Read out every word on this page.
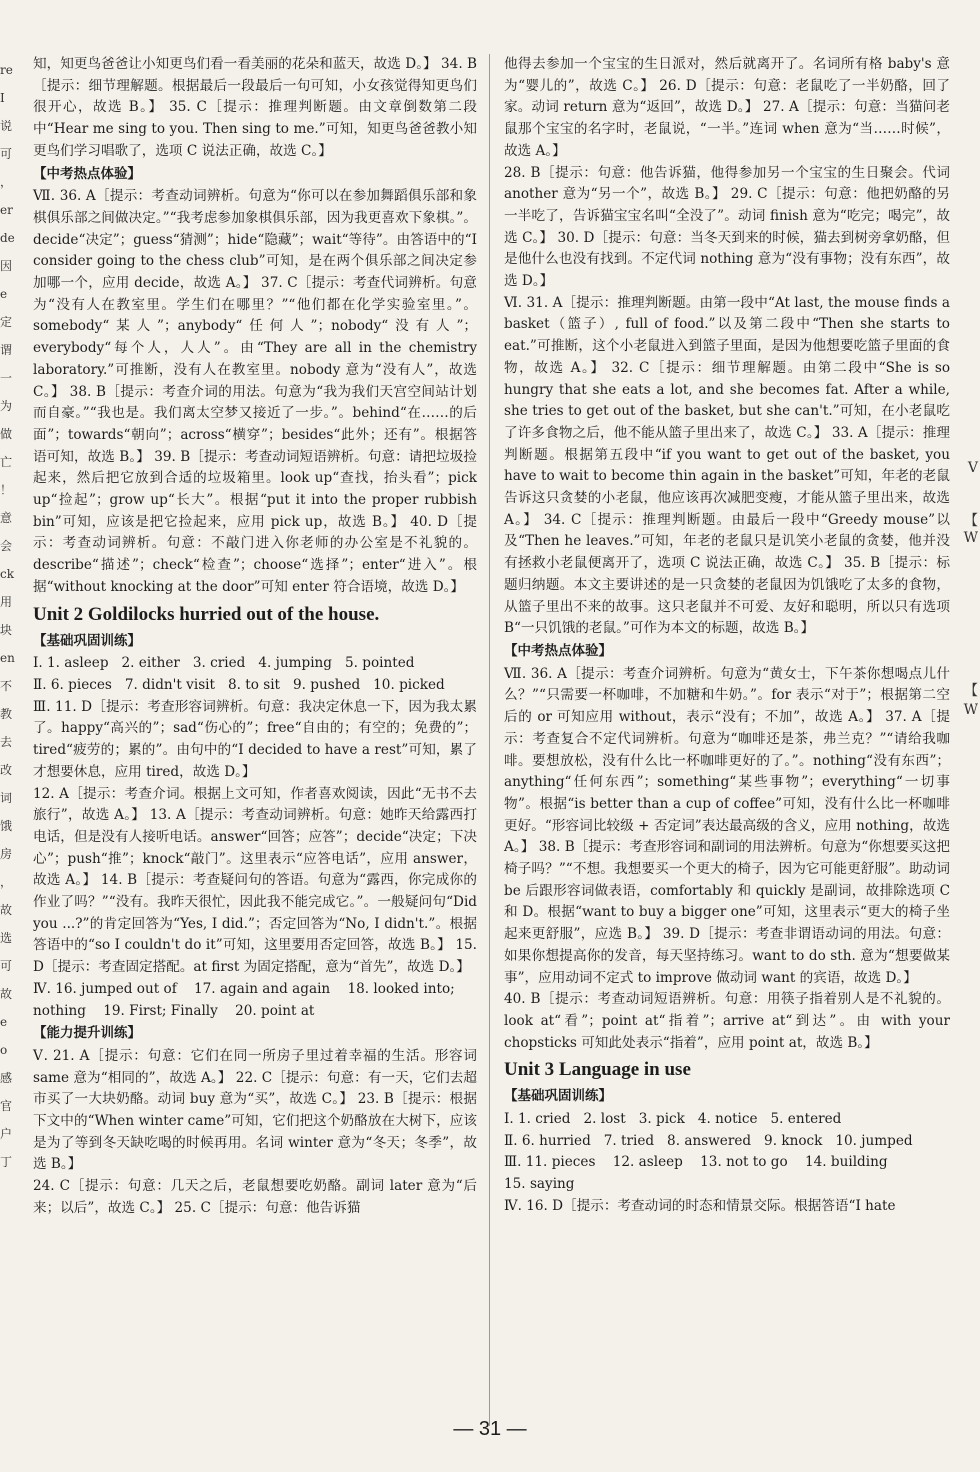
re
I
说
可
，
er
de
因
e
定
谓
一
为
做
亡
！
意
会
ck
用
块
en
不
教
去
改
词
饿
房
，
故
选
可
故
e
o
感
官
户
丁
V
【
W
【
W

知，知更鸟爸爸让小知更鸟们看一看美丽的花朵和蓝天，故选 D。】 34. B［提示：细节理解题。根据最后一段最后一句可知，小女孩觉得知更鸟们很开心，故选 B。】 35. C［提示：推理判断题。由文章倒数第二段中“Hear me sing to you. Then sing to me.”可知，知更鸟爸爸教小知更鸟们学习唱歌了，选项 C 说法正确，故选 C。】

【中考热点体验】

Ⅶ. 36. A［提示：考查动词辨析。句意为“你可以在参加舞蹈俱乐部和象棋俱乐部之间做决定。”“我考虑参加象棋俱乐部，因为我更喜欢下象棋。”。decide“决定”；guess“猜测”；hide“隐藏”；wait“等待”。由答语中的“I consider going to the chess club”可知，是在两个俱乐部之间决定参加哪一个，应用 decide，故选 A。】 37. C［提示：考查代词辨析。句意为“没有人在教室里。学生们在哪里？”“他们都在化学实验室里。”。somebody“某人”；anybody“任何人”；nobody“没有人”；everybody“每个人，人人”。由“They are all in the chemistry laboratory.”可推断，没有人在教室里。nobody 意为“没有人”，故选 C。】 38. B［提示：考查介词的用法。句意为“我为我们天宫空间站计划而自豪。”“我也是。我们离太空梦又接近了一步。”。behind“在……的后面”；towards“朝向”；across“横穿”；besides“此外；还有”。根据答语可知，故选 B。】 39. B［提示：考查动词短语辨析。句意：请把垃圾捡起来，然后把它放到合适的垃圾箱里。look up“查找，抬头看”；pick up“捡起”；grow up“长大”。根据“put it into the proper rubbish bin”可知，应该是把它捡起来，应用 pick up，故选 B。】 40. D［提示：考查动词辨析。句意：不敲门进入你老师的办公室是不礼貌的。describe“描述”；check“检查”；choose“选择”；enter“进入”。根据“without knocking at the door”可知 enter 符合语境，故选 D。】

Unit 2 Goldilocks hurried out of the house.
【基础巩固训练】
Ⅰ. 1. asleep   2. either   3. cried   4. jumping   5. pointed
Ⅱ. 6. pieces   7. didn't visit   8. to sit   9. pushed   10. picked

Ⅲ. 11. D［提示：考查形容词辨析。句意：我决定休息一下，因为我太累了。happy“高兴的”；sad“伤心的”；free“自由的；有空的；免费的”；tired“疲劳的；累的”。由句中的“I decided to have a rest”可知，累了才想要休息，应用 tired，故选 D。】

12. A［提示：考查介词。根据上文可知，作者喜欢阅读，因此“无书不去旅行”，故选 A。】 13. A［提示：考查动词辨析。句意：她昨天给露西打电话，但是没有人接听电话。answer“回答；应答”；decide“决定；下决心”；push“推”；knock“敲门”。这里表示“应答电话”，应用 answer，故选 A。】 14. B［提示：考查疑问句的答语。句意为“露西，你完成你的作业了吗？”“没有。我昨天很忙，因此我不能完成它。”。一般疑问句“Did you ...?”的肯定回答为“Yes, I did.”；否定回答为“No, I didn't.”。根据答语中的“so I couldn't do it”可知，这里要用否定回答，故选 B。】 15. D［提示：考查固定搭配。at first 为固定搭配，意为“首先”，故选 D。】

Ⅳ. 16. jumped out of    17. again and again    18. looked into;
nothing    19. First; Finally    20. point at
【能力提升训练】

Ⅴ. 21. A［提示：句意：它们在同一所房子里过着幸福的生活。形容词 same 意为“相同的”，故选 A。】 22. C［提示：句意：有一天，它们去超市买了一大块奶酪。动词 buy 意为“买”，故选 C。】 23. B［提示：根据下文中的“When winter came”可知，它们把这个奶酪放在大树下，应该是为了等到冬天缺吃喝的时候再用。名词 winter 意为“冬天；冬季”，故选 B。】

24. C［提示：句意：几天之后，老鼠想要吃奶酪。副词 later 意为“后来；以后”，故选 C。】 25. C［提示：句意：他告诉猫

他得去参加一个宝宝的生日派对，然后就离开了。名词所有格 baby's 意为“婴儿的”，故选 C。】 26. D［提示：句意：老鼠吃了一半奶酪，回了家。动词 return 意为“返回”，故选 D。】 27. A［提示：句意：当猫问老鼠那个宝宝的名字时，老鼠说，“一半。”连词 when 意为“当……时候”，故选 A。】

28. B［提示：句意：他告诉猫，他得参加另一个宝宝的生日聚会。代词 another 意为“另一个”，故选 B。】 29. C［提示：句意：他把奶酪的另一半吃了，告诉猫宝宝名叫“全没了”。动词 finish 意为“吃完；喝完”，故选 C。】 30. D［提示：句意：当冬天到来的时候，猫去到树旁拿奶酪，但是他什么也没有找到。不定代词 nothing 意为“没有事物；没有东西”，故选 D。】

Ⅵ. 31. A［提示：推理判断题。由第一段中“At last, the mouse finds a basket（篮子）, full of food.”以及第二段中“Then she starts to eat.”可推断，这个小老鼠进入到篮子里面，是因为他想要吃篮子里面的食物，故选 A。】 32. C［提示：细节理解题。由第二段中“She is so hungry that she eats a lot, and she becomes fat. After a while, she tries to get out of the basket, but she can't.”可知，在小老鼠吃了许多食物之后，他不能从篮子里出来了，故选 C。】 33. A［提示：推理判断题。根据第五段中“if you want to get out of the basket, you have to wait to become thin again in the basket”可知，年老的老鼠告诉这只贪婪的小老鼠，他应该再次减肥变瘦，才能从篮子里出来，故选 A。】 34. C［提示：推理判断题。由最后一段中“Greedy mouse”以及“Then he leaves.”可知，年老的老鼠只是讥笑小老鼠的贪婪，他并没有拯救小老鼠便离开了，选项 C 说法正确，故选 C。】 35. B［提示：标题归纳题。本文主要讲述的是一只贪婪的老鼠因为饥饿吃了太多的食物，从篮子里出不来的故事。这只老鼠并不可爱、友好和聪明，所以只有选项 B“一只饥饿的老鼠。”可作为本文的标题，故选 B。】

【中考热点体验】

Ⅶ. 36. A［提示：考查介词辨析。句意为“黄女士，下午茶你想喝点儿什么？”“只需要一杯咖啡，不加糖和牛奶。”。for 表示“对于”；根据第二空后的 or 可知应用 without，表示“没有；不加”，故选 A。】 37. A［提示：考查复合不定代词辨析。句意为“咖啡还是茶，弗兰克？”“请给我咖啡。要想放松，没有什么比一杯咖啡更好的了。”。nothing“没有东西”；anything“任何东西”；something“某些事物”；everything“一切事物”。根据“is better than a cup of coffee”可知，没有什么比一杯咖啡更好。“形容词比较级 + 否定词”表达最高级的含义，应用 nothing，故选 A。】 38. B［提示：考查形容词和副词的用法辨析。句意为“你想要买这把椅子吗？”“不想。我想要买一个更大的椅子，因为它可能更舒服”。助动词 be 后跟形容词做表语，comfortably 和 quickly 是副词，故排除选项 C 和 D。根据“want to buy a bigger one”可知，这里表示“更大的椅子坐起来更舒服”，应选 B。】 39. D［提示：考查非谓语动词的用法。句意：如果你想提高你的发音，每天坚持练习。want to do sth. 意为“想要做某事”，应用动词不定式 to improve 做动词 want 的宾语，故选 D。】

40. B［提示：考查动词短语辨析。句意：用筷子指着别人是不礼貌的。look at“看”；point at“指着”；arrive at“到达”。由 with your chopsticks 可知此处表示“指着”，应用 point at，故选 B。】

Unit 3 Language in use
【基础巩固训练】
Ⅰ. 1. cried   2. lost   3. pick   4. notice   5. entered
Ⅱ. 6. hurried   7. tried   8. answered   9. knock   10. jumped
Ⅲ. 11. pieces    12. asleep    13. not to go    14. building
15. saying

Ⅳ. 16. D［提示：考查动词的时态和情景交际。根据答语“I hate

— 31 —
